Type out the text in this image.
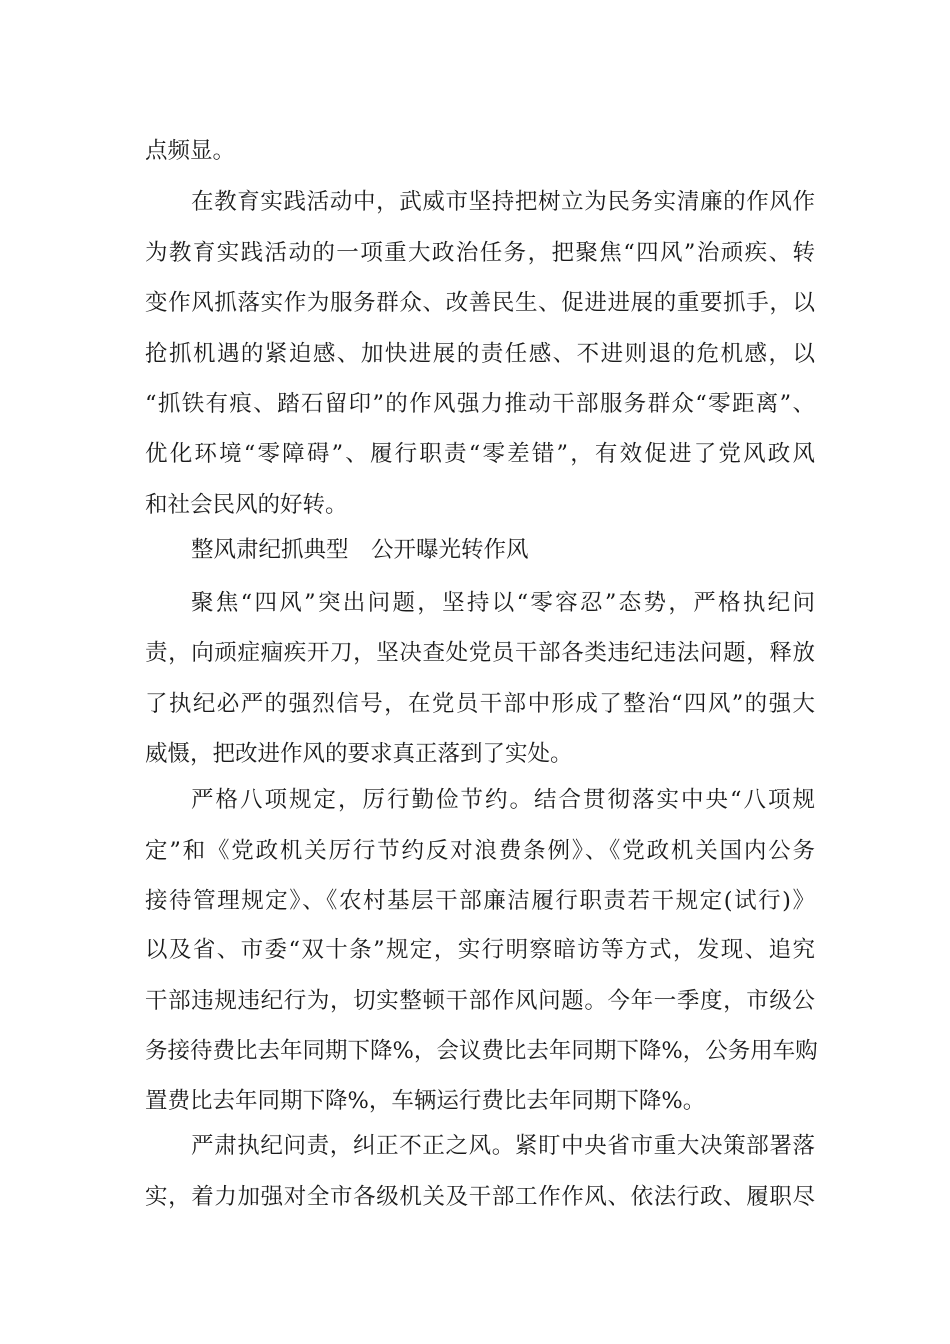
点频显。
在教育实践活动中，武威市坚持把树立为民务实清廉的作风作
为教育实践活动的一项重大政治任务，把聚焦“四风”治顽疾、转
变作风抓落实作为服务群众、改善民生、促进进展的重要抓手，以
抢抓机遇的紧迫感、加快进展的责任感、不进则退的危机感，以
“抓铁有痕、踏石留印”的作风强力推动干部服务群众“零距离”、
优化环境“零障碍”、履行职责“零差错”，有效促进了党风政风
和社会民风的好转。
整风肃纪抓典型　公开曝光转作风
聚焦“四风”突出问题，坚持以“零容忍”态势，严格执纪问
责，向顽症痼疾开刀，坚决查处党员干部各类违纪违法问题，释放
了执纪必严的强烈信号，在党员干部中形成了整治“四风”的强大
威慑，把改进作风的要求真正落到了实处。
严格八项规定，厉行勤俭节约。结合贯彻落实中央“八项规
定”和《党政机关厉行节约反对浪费条例》、《党政机关国内公务
接待管理规定》、《农村基层干部廉洁履行职责若干规定(试行)》
以及省、市委“双十条”规定，实行明察暗访等方式，发现、追究
干部违规违纪行为，切实整顿干部作风问题。今年一季度，市级公
务接待费比去年同期下降%，会议费比去年同期下降%，公务用车购
置费比去年同期下降%，车辆运行费比去年同期下降%。
严肃执纪问责，纠正不正之风。紧盯中央省市重大决策部署落
实，着力加强对全市各级机关及干部工作作风、依法行政、履职尽
